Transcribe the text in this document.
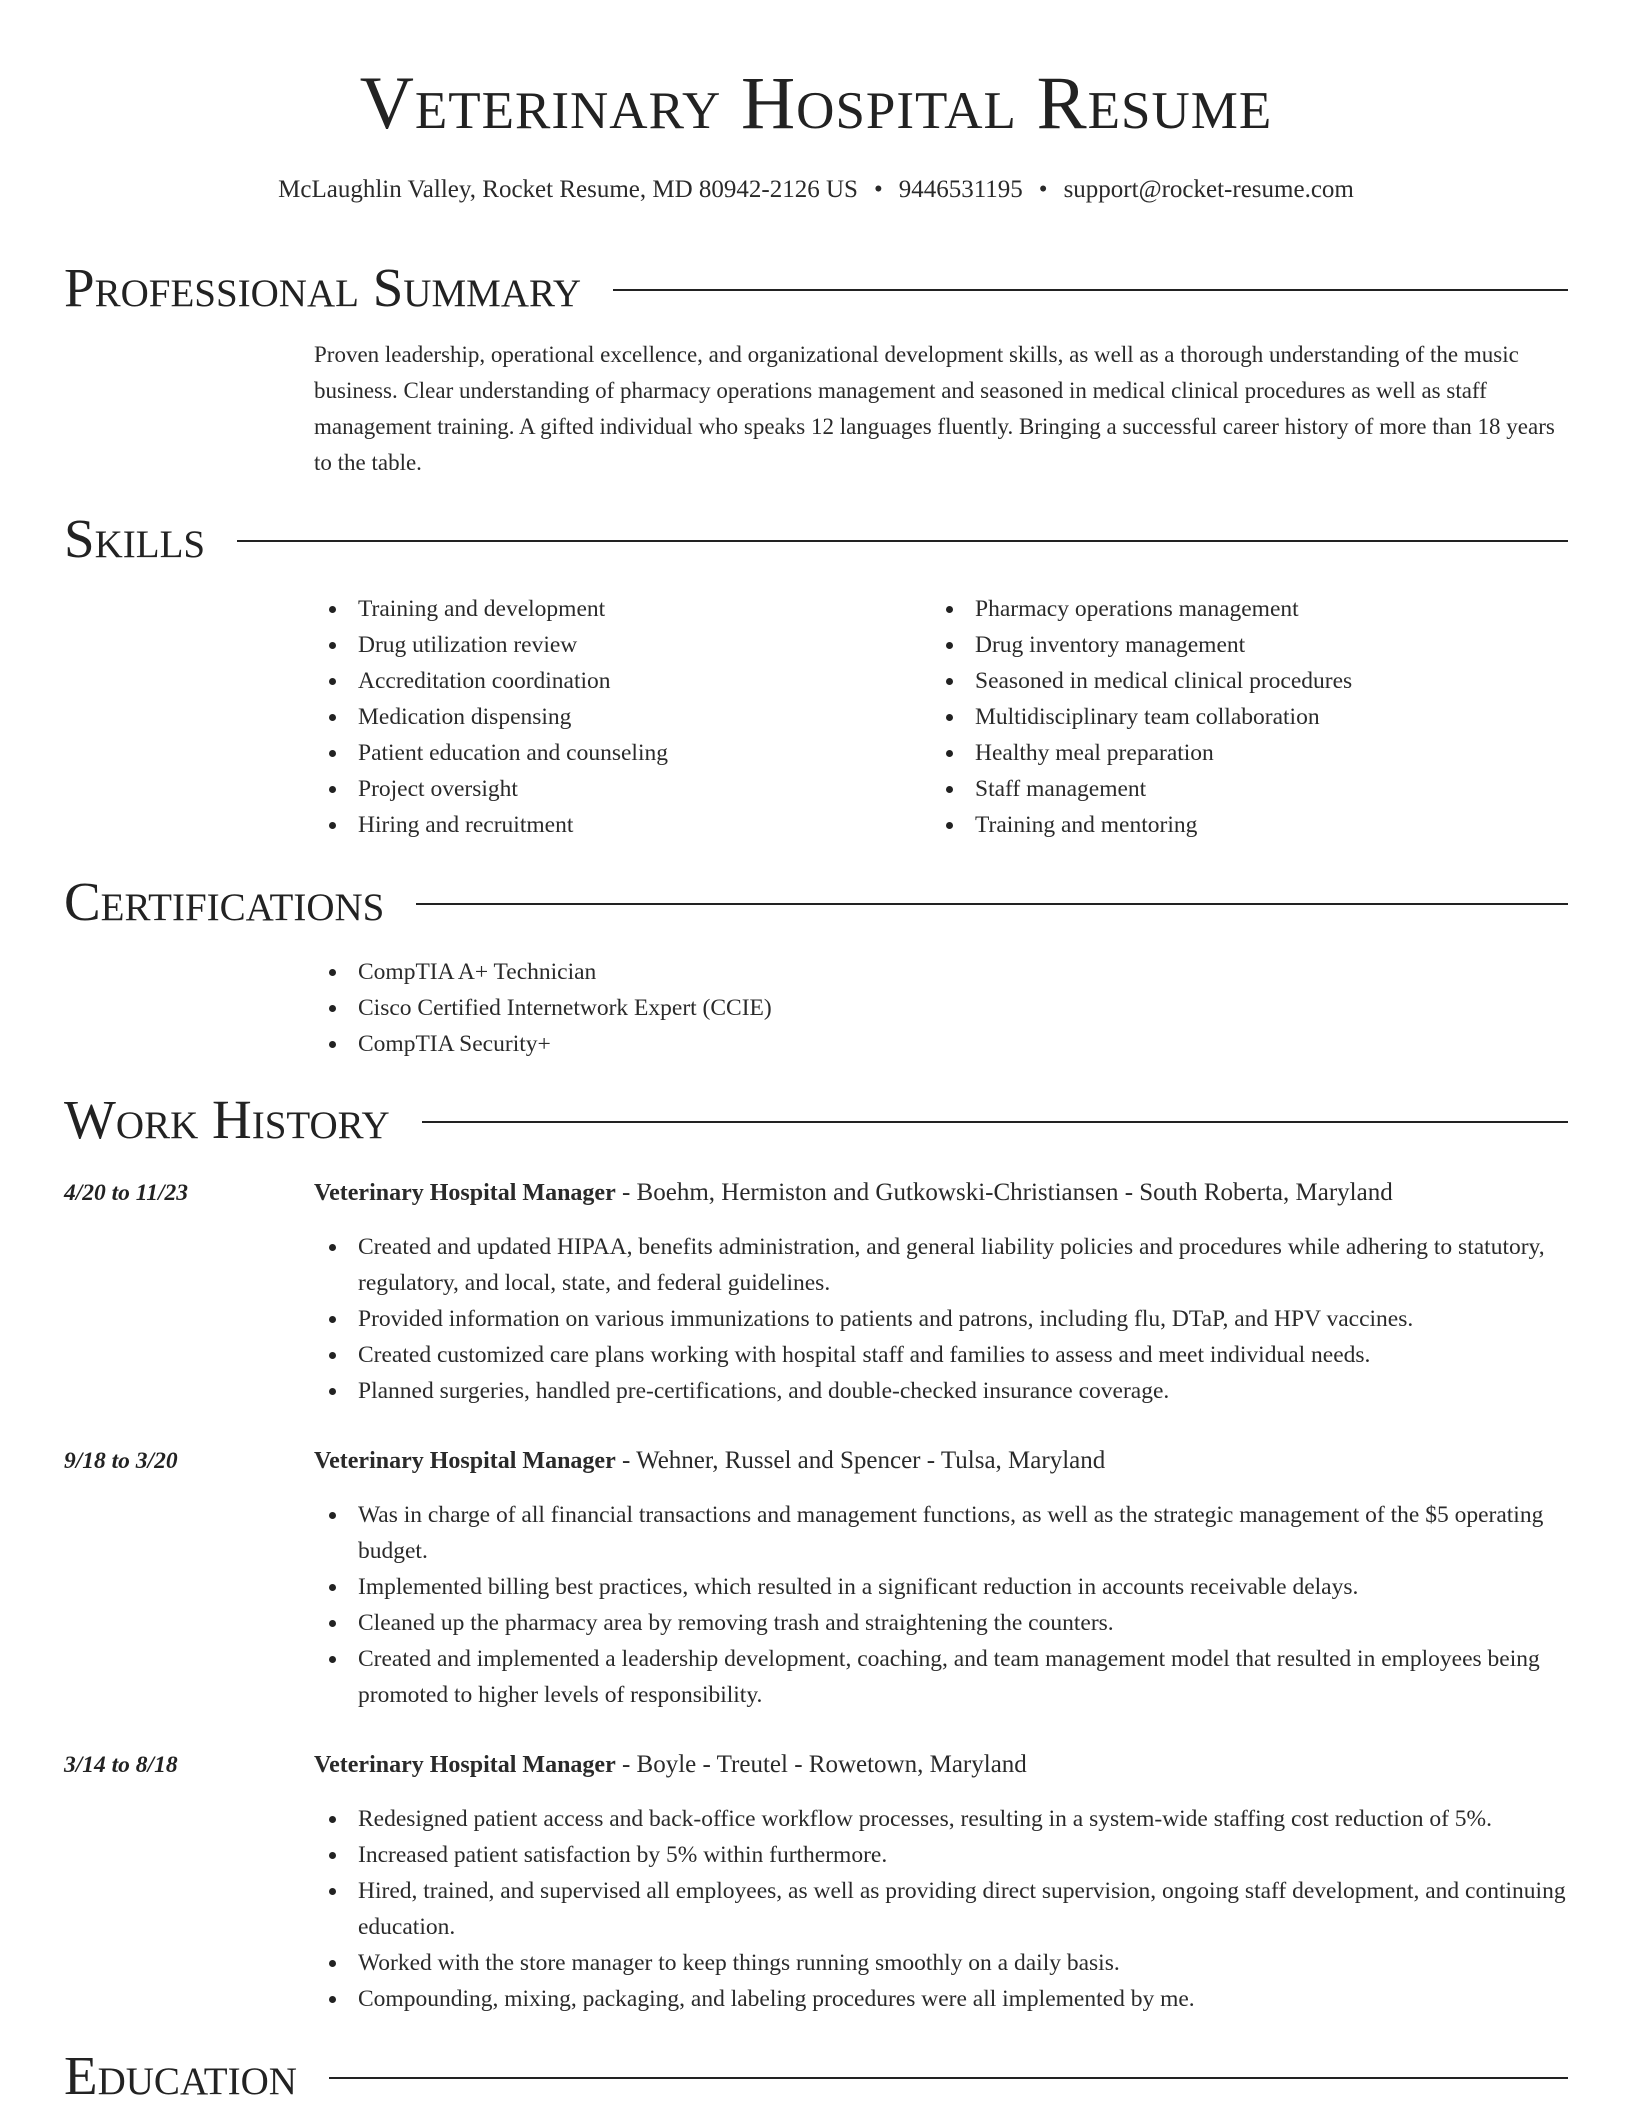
Veterinary Hospital Resume
McLaughlin Valley, Rocket Resume, MD 80942-2126 US • 9446531195 • support@rocket-resume.com
Professional Summary

Proven leadership, operational excellence, and organizational development skills, as well as a thorough understanding of the music business. Clear understanding of pharmacy operations management and seasoned in medical clinical procedures as well as staff management training. A gifted individual who speaks 12 languages fluently. Bringing a successful career history of more than 18 years to the table.

Skills
Training and development
Drug utilization review
Accreditation coordination
Medication dispensing
Patient education and counseling
Project oversight
Hiring and recruitment
Pharmacy operations management
Drug inventory management
Seasoned in medical clinical procedures
Multidisciplinary team collaboration
Healthy meal preparation
Staff management
Training and mentoring
Certifications
CompTIA A+ Technician
Cisco Certified Internetwork Expert (CCIE)
CompTIA Security+
Work History
4/20 to 11/23	Veterinary Hospital Manager - Boehm, Hermiston and Gutkowski-Christiansen - South Roberta, Maryland
Created and updated HIPAA, benefits administration, and general liability policies and procedures while adhering to statutory, regulatory, and local, state, and federal guidelines.
Provided information on various immunizations to patients and patrons, including flu, DTaP, and HPV vaccines.
Created customized care plans working with hospital staff and families to assess and meet individual needs.
Planned surgeries, handled pre-certifications, and double-checked insurance coverage.
9/18 to 3/20	Veterinary Hospital Manager - Wehner, Russel and Spencer - Tulsa, Maryland
Was in charge of all financial transactions and management functions, as well as the strategic management of the $5 operating budget.
Implemented billing best practices, which resulted in a significant reduction in accounts receivable delays.
Cleaned up the pharmacy area by removing trash and straightening the counters.
Created and implemented a leadership development, coaching, and team management model that resulted in employees being promoted to higher levels of responsibility.
3/14 to 8/18	Veterinary Hospital Manager - Boyle - Treutel - Rowetown, Maryland
Redesigned patient access and back-office workflow processes, resulting in a system-wide staffing cost reduction of 5%.
Increased patient satisfaction by 5% within furthermore.
Hired, trained, and supervised all employees, as well as providing direct supervision, ongoing staff development, and continuing education.
Worked with the store manager to keep things running smoothly on a daily basis.
Compounding, mixing, packaging, and labeling procedures were all implemented by me.
Education
